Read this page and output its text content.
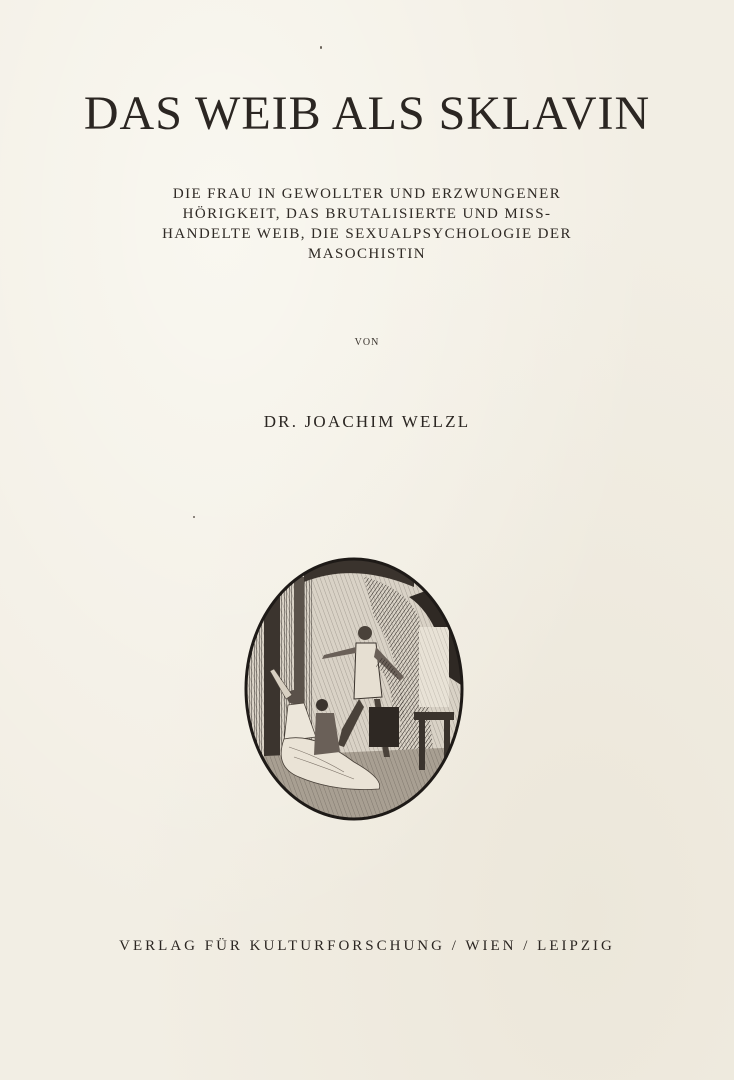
DAS WEIB ALS SKLAVIN
DIE FRAU IN GEWOLLTER UND ERZWUNGENER
HÖRIGKEIT, DAS BRUTALISIERTE UND MISS-
HANDELTE WEIB, DIE SEXUALPSYCHOLOGIE DER
MASOCHISTIN
VON
DR. JOACHIM WELZL
VERLAG FÜR KULTURFORSCHUNG / WIEN / LEIPZIG
